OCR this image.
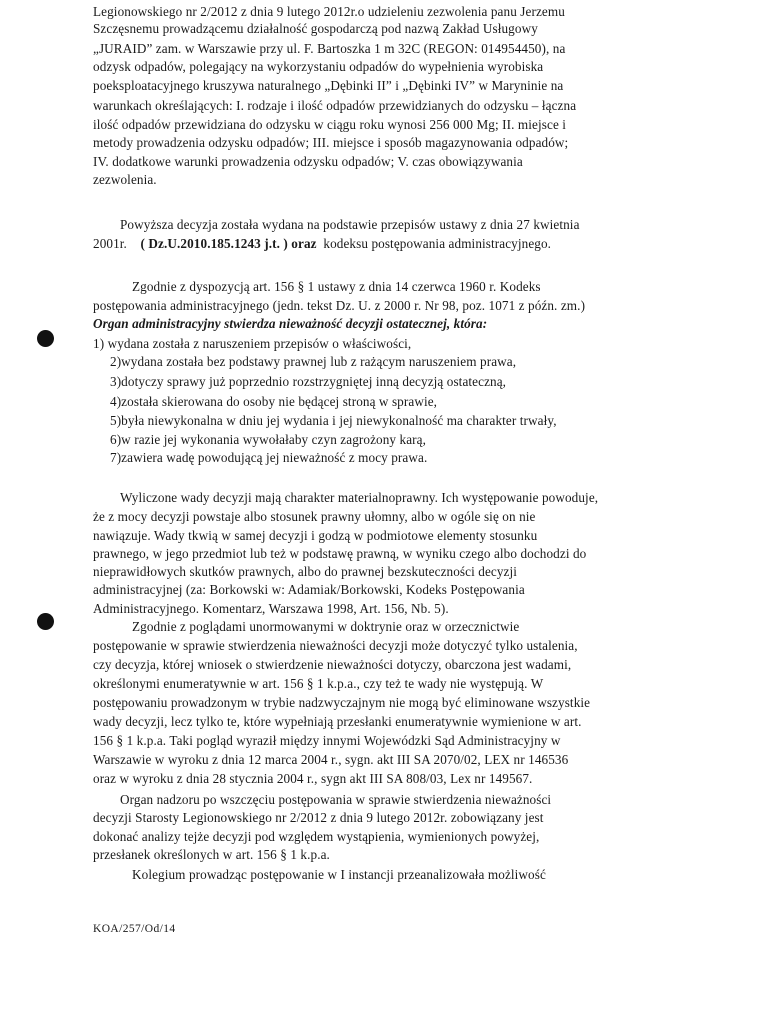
Legionowskiego nr 2/2012 z dnia 9 lutego 2012r.o udzieleniu zezwolenia panu Jerzemu
Szczęsnemu prowadzącemu działalność gospodarczą pod nazwą Zakład Usługowy
„JURAID” zam. w Warszawie przy ul. F. Bartoszka 1 m 32C (REGON: 014954450), na
odzysk odpadów, polegający na wykorzystaniu odpadów do wypełnienia wyrobiska
poeksploatacyjnego kruszywa naturalnego „Dębinki II” i „Dębinki IV” w Maryninie na
warunkach określających: I. rodzaje i ilość odpadów przewidzianych do odzysku – łączna
ilość odpadów przewidziana do odzysku w ciągu roku wynosi 256 000 Mg; II. miejsce i
metody prowadzenia odzysku odpadów; III. miejsce i sposób magazynowania odpadów;
IV. dodatkowe warunki prowadzenia odzysku odpadów; V. czas obowiązywania
zezwolenia.
Powyższa decyzja została wydana na podstawie przepisów ustawy z dnia 27 kwietnia
2001r. ( Dz.U.2010.185.1243 j.t. ) oraz kodeksu postępowania administracyjnego.
Zgodnie z dyspozycją art. 156 § 1 ustawy z dnia 14 czerwca 1960 r. Kodeks
postępowania administracyjnego (jedn. tekst Dz. U. z 2000 r. Nr 98, poz. 1071 z późn. zm.)
Organ administracyjny stwierdza nieważność decyzji ostatecznej, która:
1) wydana została z naruszeniem przepisów o właściwości,
2)wydana została bez podstawy prawnej lub z rażącym naruszeniem prawa,
3)dotyczy sprawy już poprzednio rozstrzygniętej inną decyzją ostateczną,
4)została skierowana do osoby nie będącej stroną w sprawie,
5)była niewykonalna w dniu jej wydania i jej niewykonalność ma charakter trwały,
6)w razie jej wykonania wywołałaby czyn zagrożony karą,
7)zawiera wadę powodującą jej nieważność z mocy prawa.
Wyliczone wady decyzji mają charakter materialnoprawny. Ich występowanie powoduje,
że z mocy decyzji powstaje albo stosunek prawny ułomny, albo w ogóle się on nie
nawiązuje. Wady tkwią w samej decyzji i godzą w podmiotowe elementy stosunku
prawnego, w jego przedmiot lub też w podstawę prawną, w wyniku czego albo dochodzi do
nieprawidłowych skutków prawnych, albo do prawnej bezskuteczności decyzji
administracyjnej (za: Borkowski w: Adamiak/Borkowski, Kodeks Postępowania
Administracyjnego. Komentarz, Warszawa 1998, Art. 156, Nb. 5).
Zgodnie z poglądami unormowanymi w doktrynie oraz w orzecznictwie
postępowanie w sprawie stwierdzenia nieważności decyzji może dotyczyć tylko ustalenia,
czy decyzja, której wniosek o stwierdzenie nieważności dotyczy, obarczona jest wadami,
określonymi enumeratywnie w art. 156 § 1 k.p.a., czy też te wady nie występują. W
postępowaniu prowadzonym w trybie nadzwyczajnym nie mogą być eliminowane wszystkie
wady decyzji, lecz tylko te, które wypełniają przesłanki enumeratywnie wymienione w art.
156 § 1 k.p.a. Taki pogląd wyraził między innymi Wojewódzki Sąd Administracyjny w
Warszawie w wyroku z dnia 12 marca 2004 r., sygn. akt III SA 2070/02, LEX nr 146536
oraz w wyroku z dnia 28 stycznia 2004 r., sygn akt III SA 808/03, Lex nr 149567.
Organ nadzoru po wszczęciu postępowania w sprawie stwierdzenia nieważności
decyzji Starosty Legionowskiego nr 2/2012 z dnia 9 lutego 2012r. zobowiązany jest
dokonać analizy tejże decyzji pod względem wystąpienia, wymienionych powyżej,
przesłanek określonych w art. 156 § 1 k.p.a.
Kolegium prowadząc postępowanie w I instancji przeanalizowała możliwość
KOA/257/Od/14
